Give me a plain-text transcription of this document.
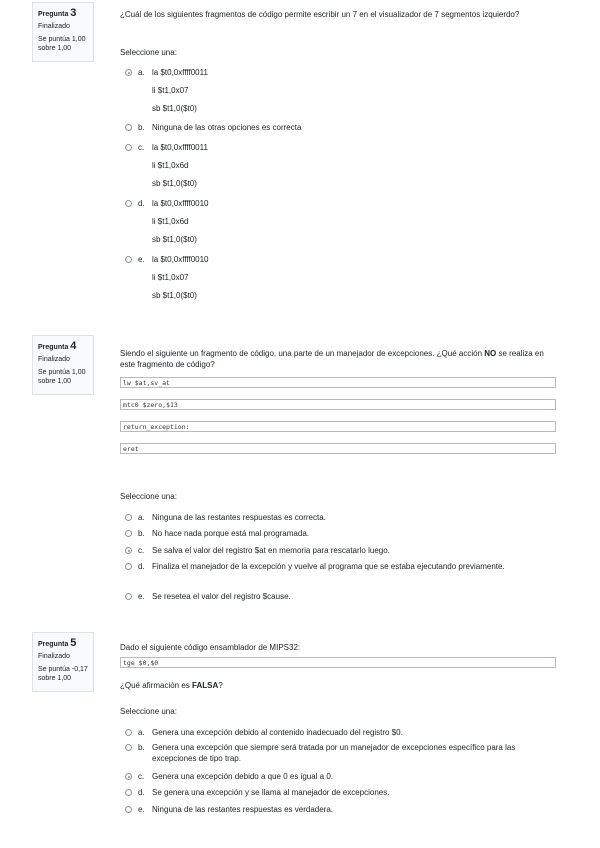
Pregunta 3
Finalizado
Se puntúa 1,00
sobre 1,00
¿Cuál de los siguientes fragmentos de código permite escribir un 7 en el visualizador de 7 segmentos izquierdo?
Seleccione una:
a. la $t0,0xffff0011
li $t1,0x07
sb $t1,0($t0)
b. Ninguna de las otras opciones es correcta
c. la $t0,0xffff0011
li $t1,0x6d
sb $t1,0($t0)
d. la $t0,0xffff0010
li $t1,0x6d
sb $t1,0($t0)
e. la $t0,0xffff0010
li $t1,0x07
sb $t1,0($t0)
Pregunta 4
Finalizado
Se puntúa 1,00
sobre 1,00
Siendo el siguiente un fragmento de código, una parte de un manejador de excepciones. ¿Qué acción NO se realiza en este fragmento de código?
lw $at,sv_at
mtc0 $zero,$13
return_exception:
eret
Seleccione una:
a. Ninguna de las restantes respuestas es correcta.
b. No hace nada porque está mal programada.
c. Se salva el valor del registro $at en memoria para rescatarlo luego.
d. Finaliza el manejador de la excepción y vuelve al programa que se estaba ejecutando previamente.
e. Se resetea el valor del registro $cause.
Pregunta 5
Finalizado
Se puntúa -0,17
sobre 1,00
Dado el siguiente código ensamblador de MIPS32:
tge $0,$0
¿Qué afirmación es FALSA?
Seleccione una:
a. Genera una excepción debido al contenido inadecuado del registro $0.
b. Genera una excepción que siempre será tratada por un manejador de excepciones específico para las excepciones de tipo trap.
c. Genera una excepción debido a que 0 es igual a 0.
d. Se genera una excepción y se llama al manejador de excepciones.
e. Ninguna de las restantes respuestas es verdadera.
